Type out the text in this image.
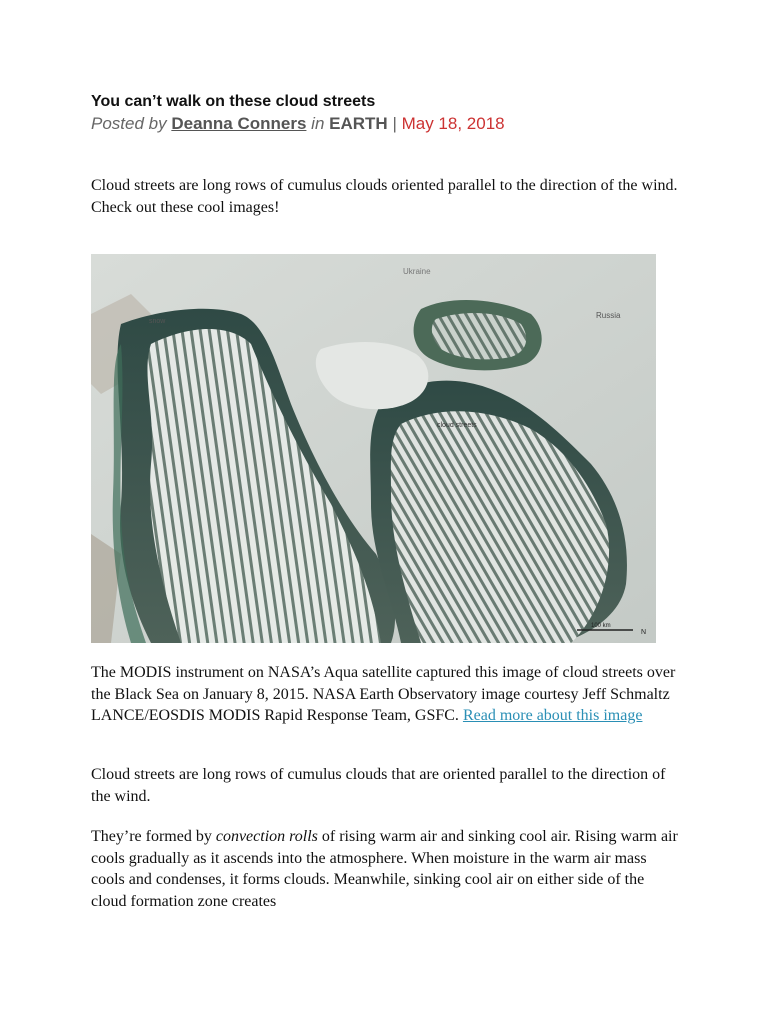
You can’t walk on these cloud streets
Posted by Deanna Conners in EARTH | May 18, 2018

Cloud streets are long rows of cumulus clouds oriented parallel to the direction of the wind. Check out these cool images!

Ukraine
Russia
snow
cloud streets
100 km
N

The MODIS instrument on NASA’s Aqua satellite captured this image of cloud streets over the Black Sea on January 8, 2015. NASA Earth Observatory image courtesy Jeff Schmaltz LANCE/EOSDIS MODIS Rapid Response Team, GSFC. Read more about this image

Cloud streets are long rows of cumulus clouds that are oriented parallel to the direction of the wind.

They’re formed by convection rolls of rising warm air and sinking cool air. Rising warm air cools gradually as it ascends into the atmosphere. When moisture in the warm air mass cools and condenses, it forms clouds. Meanwhile, sinking cool air on either side of the cloud formation zone creates
